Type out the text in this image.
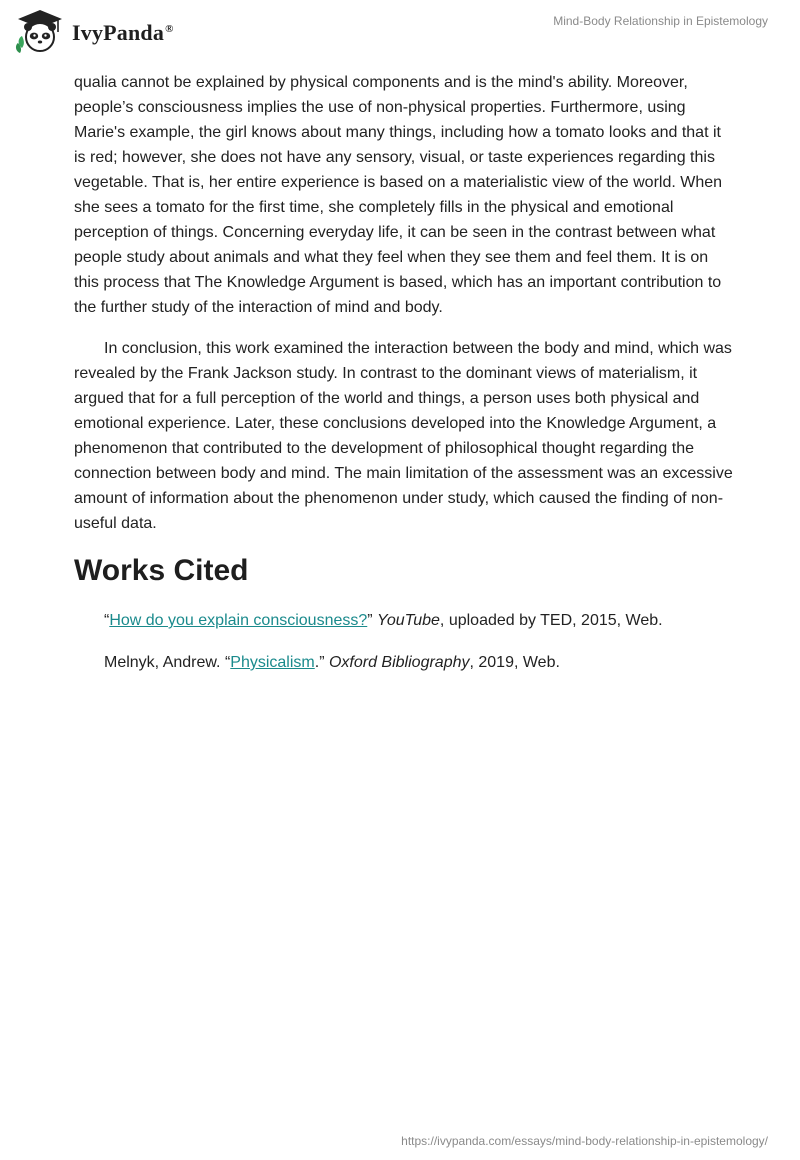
IvyPanda®
Mind-Body Relationship in Epistemology

qualia cannot be explained by physical components and is the mind's ability. Moreover, people’s consciousness implies the use of non-physical properties. Furthermore, using Marie's example, the girl knows about many things, including how a tomato looks and that it is red; however, she does not have any sensory, visual, or taste experiences regarding this vegetable. That is, her entire experience is based on a materialistic view of the world. When she sees a tomato for the first time, she completely fills in the physical and emotional perception of things. Concerning everyday life, it can be seen in the contrast between what people study about animals and what they feel when they see them and feel them. It is on this process that The Knowledge Argument is based, which has an important contribution to the further study of the interaction of mind and body.

In conclusion, this work examined the interaction between the body and mind, which was revealed by the Frank Jackson study. In contrast to the dominant views of materialism, it argued that for a full perception of the world and things, a person uses both physical and emotional experience. Later, these conclusions developed into the Knowledge Argument, a phenomenon that contributed to the development of philosophical thought regarding the connection between body and mind. The main limitation of the assessment was an excessive amount of information about the phenomenon under study, which caused the finding of non-useful data.

Works Cited

“How do you explain consciousness?” YouTube, uploaded by TED, 2015, Web.

Melnyk, Andrew. “Physicalism.” Oxford Bibliography, 2019, Web.

https://ivypanda.com/essays/mind-body-relationship-in-epistemology/
